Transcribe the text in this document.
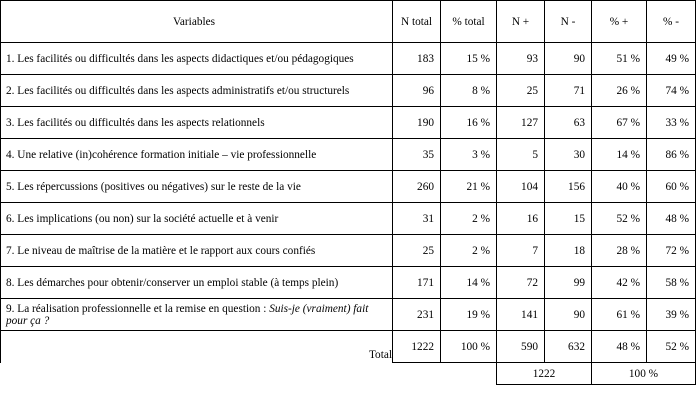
Variables	N total	% total	N +	N -	% +	% -
1. Les facilités ou difficultés dans les aspects didactiques et/ou pédagogiques	183	15 %	93	90	51 %	49 %
2. Les facilités ou difficultés dans les aspects administratifs et/ou structurels	96	8 %	25	71	26 %	74 %
3. Les facilités ou difficultés dans les aspects relationnels	190	16 %	127	63	67 %	33 %
4. Une relative (in)cohérence formation initiale – vie professionnelle	35	3 %	5	30	14 %	86 %
5. Les répercussions (positives ou négatives) sur le reste de la vie	260	21 %	104	156	40 %	60 %
6. Les implications (ou non) sur la société actuelle et à venir	31	2 %	16	15	52 %	48 %
7. Le niveau de maîtrise de la matière et le rapport aux cours confiés	25	2 %	7	18	28 %	72 %
8. Les démarches pour obtenir/conserver un emploi stable (à temps plein)	171	14 %	72	99	42 %	58 %
9. La réalisation professionnelle et la remise en question : Suis-je (vraiment) fait pour ça ?	231	19 %	141	90	61 %	39 %
Total	1222	100 %	590	632	48 %	52 %
			1222		100 %	
